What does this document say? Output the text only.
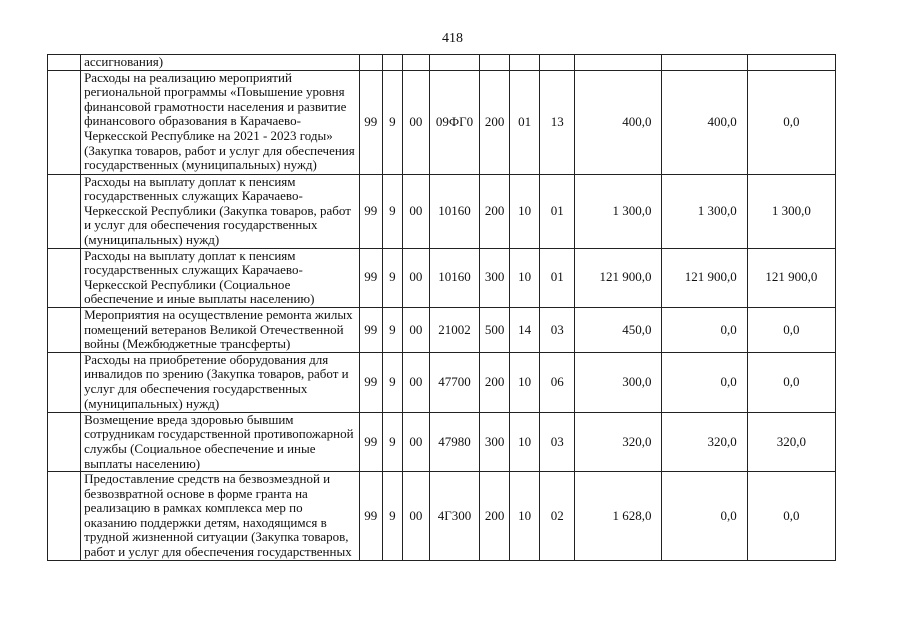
418
	ассигнования)										
	Расходы на реализацию мероприятий региональной программы «Повышение уровня финансовой грамотности населения и развитие финансового образования в Карачаево-Черкесской Республике на 2021 - 2023 годы» (Закупка товаров, работ и услуг для обеспечения государственных (муниципальных) нужд)	99	9	00	09ФГ0	200	01	13	400,0	400,0	0,0
	Расходы на выплату доплат к пенсиям государственных служащих Карачаево-Черкесской Республики (Закупка товаров, работ и услуг для обеспечения государственных (муниципальных) нужд)	99	9	00	10160	200	10	01	1 300,0	1 300,0	1 300,0
	Расходы на выплату доплат к пенсиям государственных служащих Карачаево-Черкесской Республики (Социальное обеспечение и иные выплаты населению)	99	9	00	10160	300	10	01	121 900,0	121 900,0	121 900,0
	Мероприятия на осуществление ремонта жилых помещений ветеранов Великой Отечественной войны (Межбюджетные трансферты)	99	9	00	21002	500	14	03	450,0	0,0	0,0
	Расходы на приобретение оборудования для инвалидов по зрению (Закупка товаров, работ и услуг для обеспечения государственных (муниципальных) нужд)	99	9	00	47700	200	10	06	300,0	0,0	0,0
	Возмещение вреда здоровью бывшим сотрудникам государственной противопожарной службы (Социальное обеспечение и иные выплаты населению)	99	9	00	47980	300	10	03	320,0	320,0	320,0
	Предоставление средств на безвозмездной и безвозвратной основе в форме гранта на реализацию в рамках комплекса мер по оказанию поддержки детям, находящимся в трудной жизненной ситуации (Закупка товаров, работ и услуг для обеспечения государственных	99	9	00	4Г300	200	10	02	1 628,0	0,0	0,0
